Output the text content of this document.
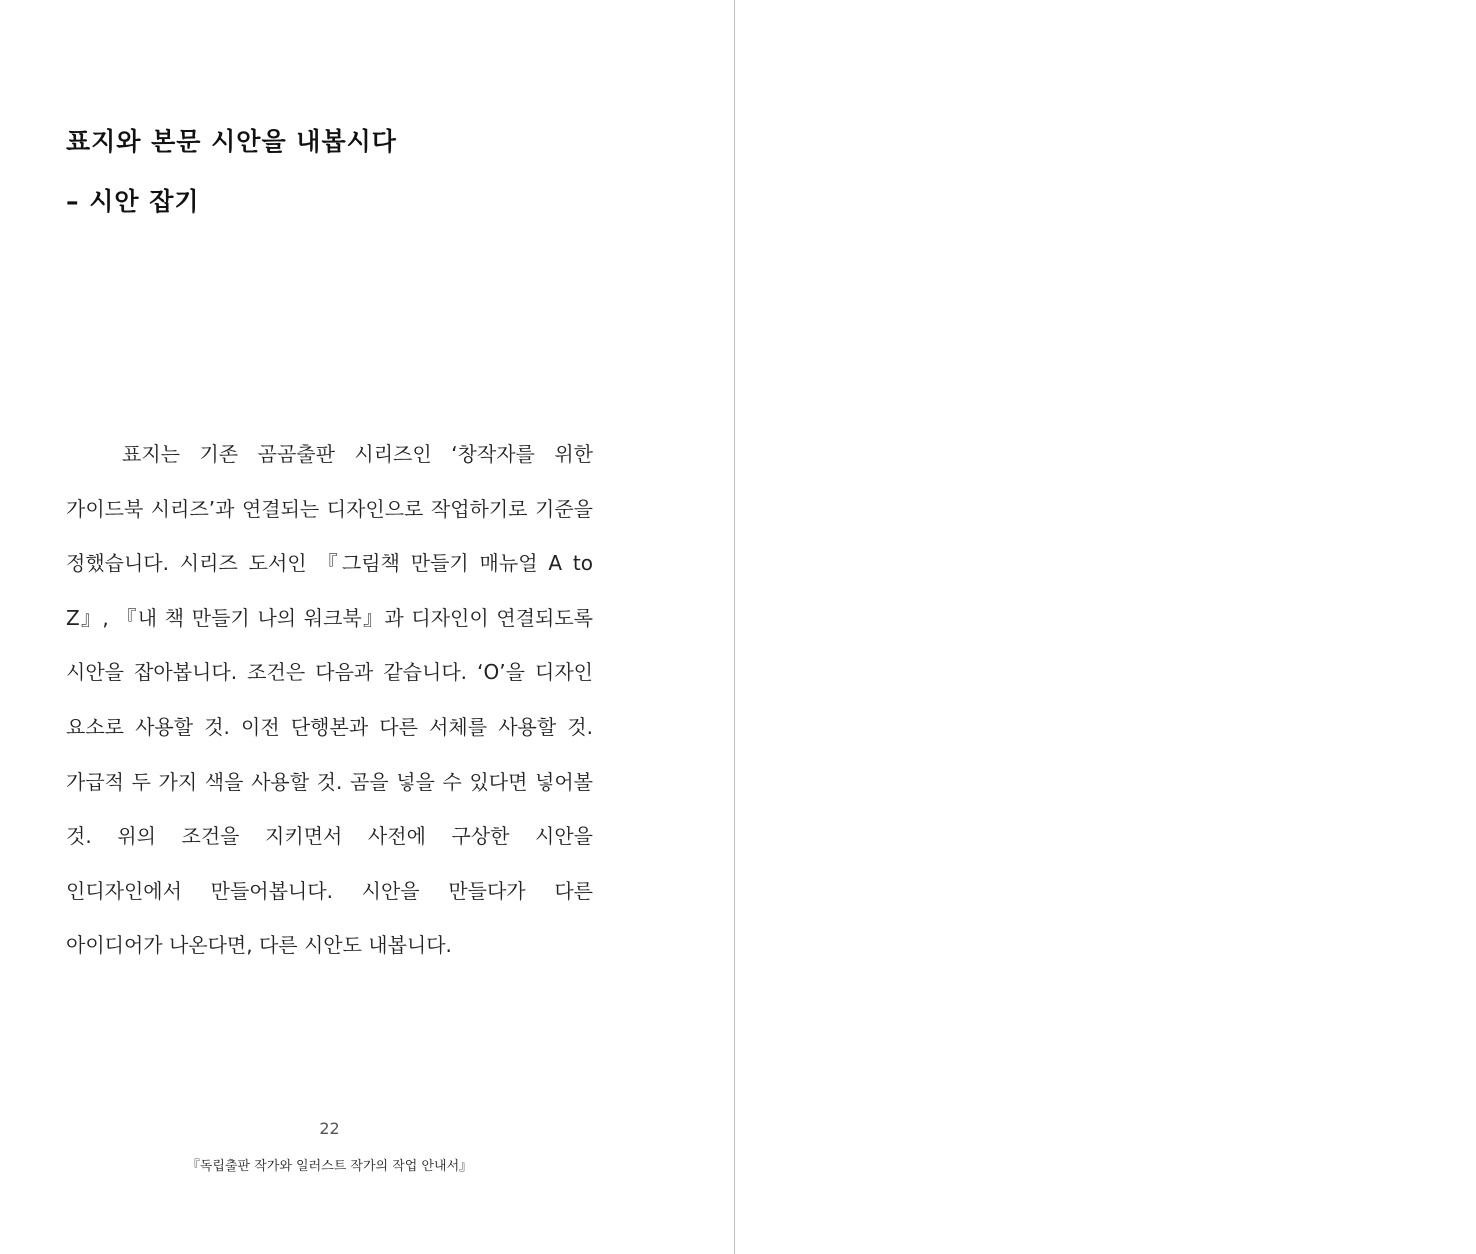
표지와 본문 시안을 내봅시다
– 시안 잡기

표지는 기존 곰곰출판 시리즈인 ‘창작자를 위한 가이드북 시리즈’과 연결되는 디자인으로 작업하기로 기준을 정했습니다. 시리즈 도서인 『그림책 만들기 매뉴얼 A to Z』, 『내 책 만들기 나의 워크북』과 디자인이 연결되도록 시안을 잡아봅니다. 조건은 다음과 같습니다. ‘O’을 디자인 요소로 사용할 것. 이전 단행본과 다른 서체를 사용할 것. 가급적 두 가지 색을 사용할 것. 곰을 넣을 수 있다면 넣어볼 것. 위의 조건을 지키면서 사전에 구상한 시안을 인디자인에서 만들어봅니다. 시안을 만들다가 다른 아이디어가 나온다면, 다른 시안도 내봅니다.

22
『독립출판 작가와 일러스트 작가의 작업 안내서』
